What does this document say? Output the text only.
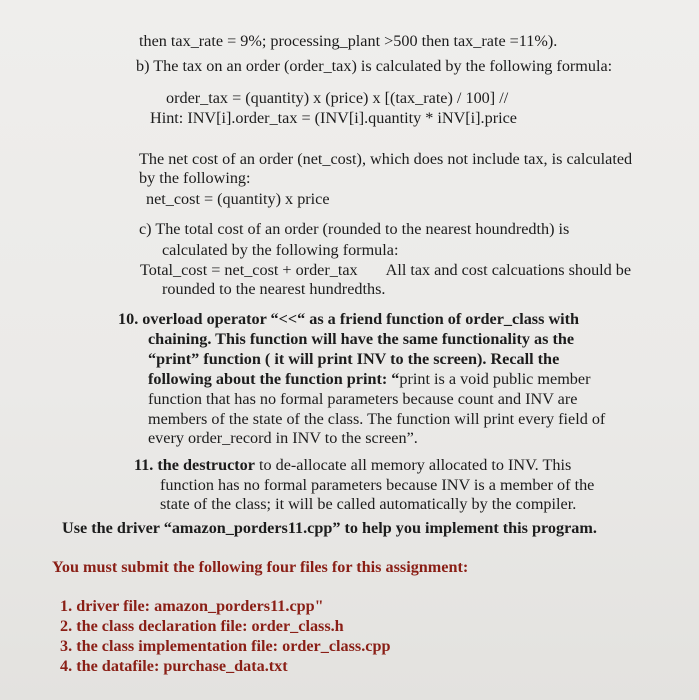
then tax_rate = 9%; processing_plant >500 then tax_rate =11%).
b) The tax on an order (order_tax) is calculated by the following formula:
order_tax = (quantity) x (price) x [(tax_rate) / 100] //
Hint: INV[i].order_tax = (INV[i].quantity * iNV[i].price
The net cost of an order (net_cost), which does not include tax, is calculated
by the following:
net_cost = (quantity) x price
c) The total cost of an order (rounded to the nearest houndredth) is
calculated by the following formula:
Total_cost = net_cost + order_tax All tax and cost calcuations should be
rounded to the nearest hundredths.
10. overload operator “<<“ as a friend function of order_class with
chaining. This function will have the same functionality as the
“print” function ( it will print INV to the screen). Recall the
following about the function print: “print is a void public member
function that has no formal parameters because count and INV are
members of the state of the class. The function will print every field of
every order_record in INV to the screen”.
11. the destructor to de-allocate all memory allocated to INV. This
function has no formal parameters because INV is a member of the
state of the class; it will be called automatically by the compiler.
Use the driver “amazon_porders11.cpp” to help you implement this program.
You must submit the following four files for this assignment:
1. driver file: amazon_porders11.cpp"
2. the class declaration file: order_class.h
3. the class implementation file: order_class.cpp
4. the datafile: purchase_data.txt
